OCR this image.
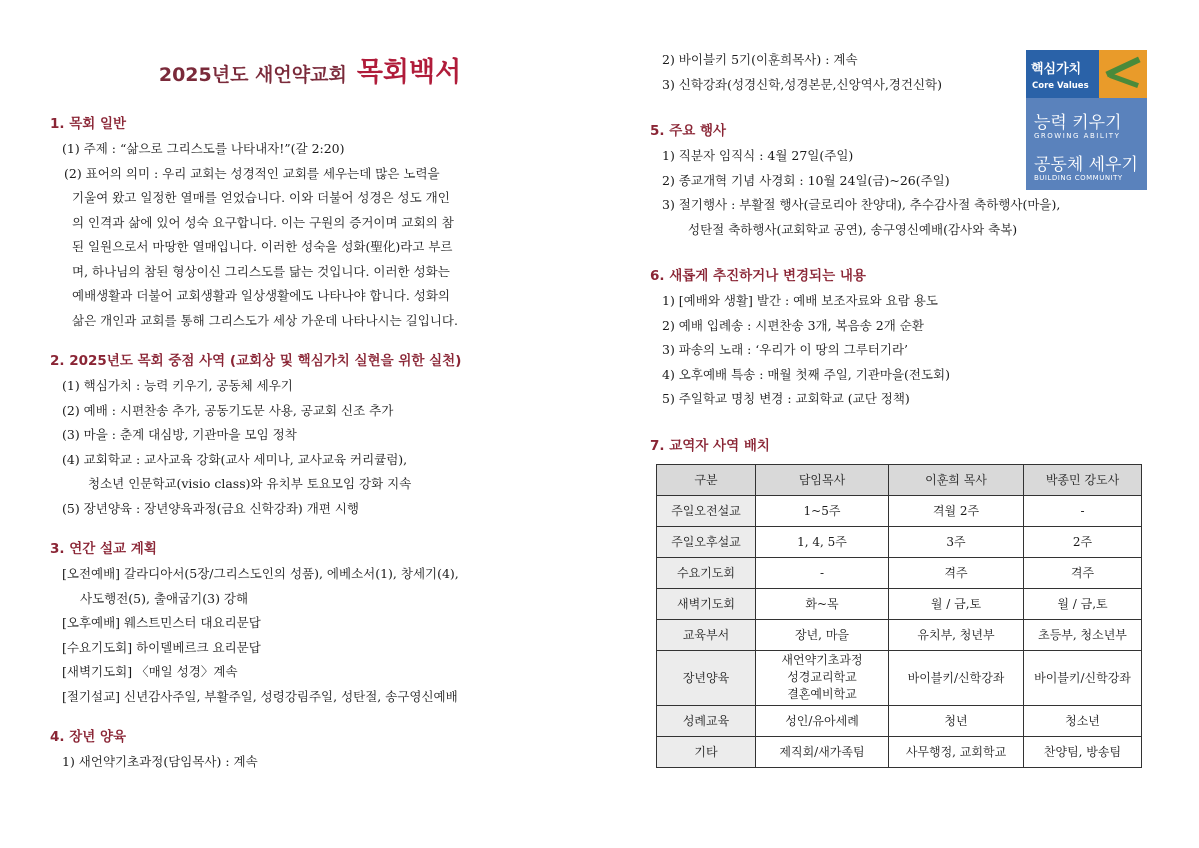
2025년도 새언약교회 목회백서
1. 목회 일반
(1) 주제 : “삶으로 그리스도를 나타내자!”(갈 2:20)
(2) 표어의 의미 : 우리 교회는 성경적인 교회를 세우는데 많은 노력을
기울여 왔고 일정한 열매를 얻었습니다. 이와 더불어 성경은 성도 개인
의 인격과 삶에 있어 성숙 요구합니다. 이는 구원의 증거이며 교회의 참
된 일원으로서 마땅한 열매입니다. 이러한 성숙을 성화(聖化)라고 부르
며, 하나님의 참된 형상이신 그리스도를 닮는 것입니다. 이러한 성화는
예배생활과 더불어 교회생활과 일상생활에도 나타나야 합니다. 성화의
삶은 개인과 교회를 통해 그리스도가 세상 가운데 나타나시는 길입니다.
2. 2025년도 목회 중점 사역 (교회상 및 핵심가치 실현을 위한 실천)
(1) 핵심가치 : 능력 키우기, 공동체 세우기
(2) 예배 : 시편찬송 추가, 공동기도문 사용, 공교회 신조 추가
(3) 마을 : 춘계 대심방, 기관마을 모임 정착
(4) 교회학교 : 교사교육 강화(교사 세미나, 교사교육 커리큘럼),
청소년 인문학교(visio class)와 유치부 토요모임 강화 지속
(5) 장년양육 : 장년양육과정(금요 신학강좌) 개편 시행
3. 연간 설교 계획
[오전예배] 갈라디아서(5장/그리스도인의 성품), 에베소서(1), 창세기(4),
사도행전(5), 출애굽기(3) 강해
[오후예배] 웨스트민스터 대요리문답
[수요기도회] 하이델베르크 요리문답
[새벽기도회] 〈매일 성경〉계속
[절기설교] 신년감사주일, 부활주일, 성령강림주일, 성탄절, 송구영신예배
4. 장년 양육
1) 새언약기초과정(담임목사) : 계속
2) 바이블키 5기(이훈희목사) : 계속
3) 신학강좌(성경신학,성경본문,신앙역사,경건신학)
5. 주요 행사
1) 직분자 임직식 : 4월 27일(주일)
2) 종교개혁 기념 사경회 : 10월 24일(금)~26(주일)
3) 절기행사 : 부활절 행사(글로리아 찬양대), 추수감사절 축하행사(마을),
성탄절 축하행사(교회학교 공연), 송구영신예배(감사와 축복)
6. 새롭게 추진하거나 변경되는 내용
1) [예배와 생활] 발간 : 예배 보조자료와 요람 용도
2) 예배 입례송 : 시편찬송 3개, 복음송 2개 순환
3) 파송의 노래 : ‘우리가 이 땅의 그루터기라’
4) 오후예배 특송 : 매월 첫째 주일, 기관마을(전도회)
5) 주일학교 명칭 변경 : 교회학교 (교단 정책)
7. 교역자 사역 배치
구분	담임목사	이훈희 목사	박종민 강도사
주일오전설교	1~5주	격월 2주	-
주일오후설교	1, 4, 5주	3주	2주
수요기도회	-	격주	격주
새벽기도회	화~목	월 / 금,토	월 / 금,토
교육부서	장년, 마을	유치부, 청년부	초등부, 청소년부
장년양육	새언약기초과정
성경교리학교
결혼예비학교	바이블키/신학강좌	바이블키/신학강좌
성례교육	성인/유아세례	청년	청소년
기타	제직회/새가족팀	사무행정, 교회학교	찬양팀, 방송팀
핵심가치
Core Values
능력 키우기
GROWING ABILITY
공동체 세우기
BUILDING COMMUNITY
